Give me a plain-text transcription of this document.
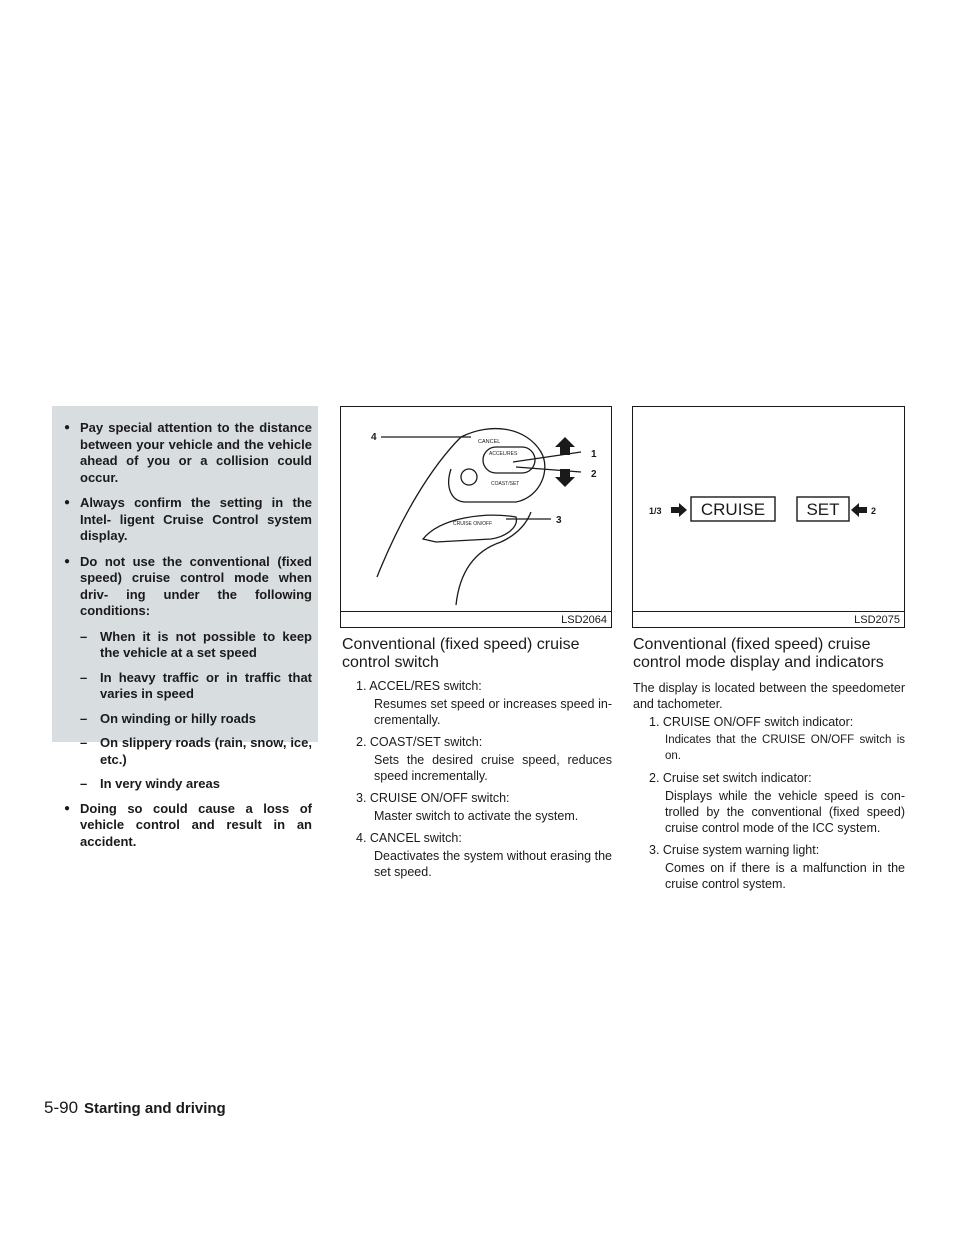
● Pay special attention to the distance between your vehicle and the vehicle ahead of you or a collision could occur.
● Always confirm the setting in the Intel- ligent Cruise Control system display.
● Do not use the conventional (fixed speed) cruise control mode when driv- ing under the following conditions:
– When it is not possible to keep the vehicle at a set speed
– In heavy traffic or in traffic that varies in speed
– On winding or hilly roads
– On slippery roads (rain, snow, ice, etc.)
– In very windy areas
● Doing so could cause a loss of vehicle control and result in an accident.
4
1
2
3
CANCEL
ACCEL/RES
COAST/SET
CRUISE ON/OFF
LSD2064
1/3	2
CRUISE SET
LSD2075
Conventional (fixed speed) cruise control switch
1. ACCEL/RES switch:
Resumes set speed or increases speed in- crementally.
2. COAST/SET switch:
Sets the desired cruise speed, reduces speed incrementally.
3. CRUISE ON/OFF switch:
Master switch to activate the system.
4. CANCEL switch:
Deactivates the system without erasing the set speed.
Conventional (fixed speed) cruise control mode display and indicators
The display is located between the speedometer and tachometer.
1. CRUISE ON/OFF switch indicator:
Indicates that the CRUISE ON/OFF switch is on.
2. Cruise set switch indicator:
Displays while the vehicle speed is con- trolled by the conventional (fixed speed) cruise control mode of the ICC system.
3. Cruise system warning light:
Comes on if there is a malfunction in the cruise control system.
5-90 Starting and driving
